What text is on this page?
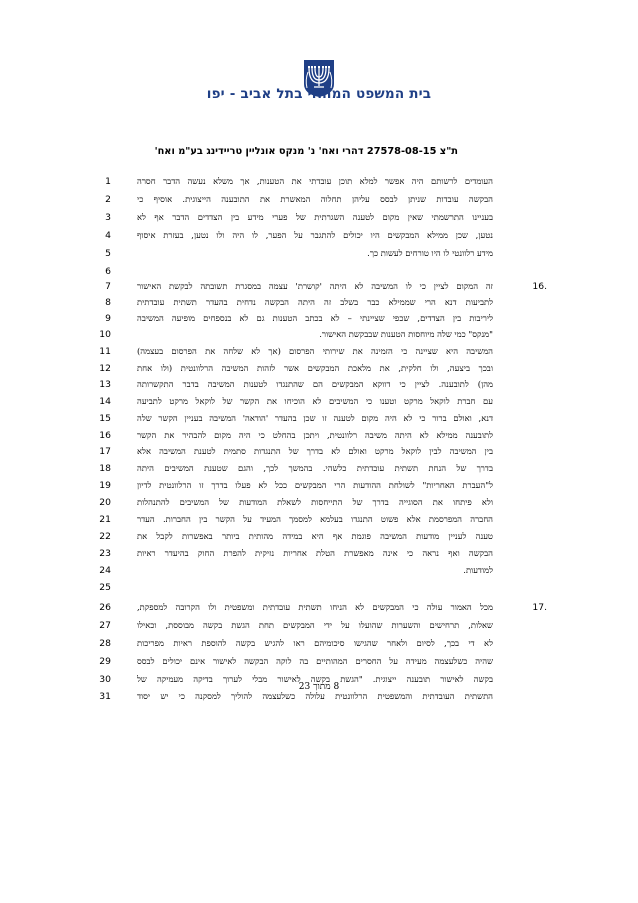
בית המשפט המחוזי בתל אביב - יפו
ת"צ 27578-08-15 דהרי ואח' נ' מנקס אונליין טריידינג בע"מ ואח'
1	העומדים לרשותם היה אפשר למלא תוכן עובדתי את הטענות, אך משלא נעשה הדבר חסרה
2	הבקשה עובדות שניתן לבסס עליהן תחלוה המאשרת את התובענה הייצוגית. אוסיף כי
3	בעניינו התרשמתי שאין מקום לטענה השגרתית של פערי מידע בין הצדדים הדבר אף לא
4	נטען, שכן ממילא המבקשים היו יכולים להתגבר על הפער, לו היה ולו נטען, בעזרת איסוף
5	מידע רלוונטי לו היו טורחים לעשות כך.
6
7	זה המקום לציין כי לו המשיבה לא היתה 'קושרת' עצמה במסגרת תשובתה לבקשת האישור	16.
8	לתביעות דנא הרי שממילא כבר בשלב זה היתה הבקשה נדחית בהעדר תשתית עובדתית
9	ליריבות בין הצדדים, שכפי שציינתי – לא בכתב הטענות גם לא בנספחים מופיעה המשיבה
10	"מנקס" כמי שלה מיוחסות הטענות שבבקשת האישור.
11	המשיבה היא שציינה כי הזמינה את שירותי הפרסום (אך לא שלחה את הפרסום בעצמה)
12	ובכך ביצעה, ולו חלקית, את מלאכת המבקשים אשר לזהות המשיבה הרלוונטית (ולו אחת
13	מהן) לתובענה. לציין כי דווקא המבקשים הם שהתנגדו לטענות המשיבה בדבר התקשרותה
14	עם חברת לוקאל מרקט וטענו כי המשיבים לא הוכיחו את הקשר של לוקאל מרקט לתביעה
15	דנא, ואולם ברור כי לא היה מקום לטענה זו שכן בהעדר 'הודאה' המשיבה בעניין הקשר שלה
16	לתובענה ממילא לא היתה משיבה רלוונטית, ויתכן בהחלט כי היה מקום להבהיר את הקשר
17	בין המשיבה לבין לוקאל מרקט ואולם לא בדרך של התנגדות סתמית לטענת המשיבה אלא
18	בדרך של הנחת תשתית עובדתית כלשהי. בהמשך לכך, והגם שטענת המשיבים היתה
19	ל"העברת האחריות" לשולחת ההודעות הרי המבקשים ככל לא פעלו בדרך זו הרלוונטית לדיון
20	ולא פיתחו את הסוגייה בדרך של התייחסות לשאלת המודעות של המשיבים להתנהלות
21	החברה המפרסמת אלא פשוט התנגדו בעלמא למסמך המעיד על הקשר בין החברות. העדר
22	טענה לעניין מודעות המשיבה פוגמת אף היא במידה מהותית ביותר באפשרות לקבל את
23	הבקשה ואף נראה כי אינה מאפשרת הטלת אחריות נזיקית להפרת החוק בהיעדר ראיות
24	למודעות.
25
26	מכל האמור עולה כי המבקשים לא הניחו תשתית עובדתית ומשפטית ולו הקרובה למספקת,	17.
27	שאלות, תרחישים והשערות שהועלו על ידי המבקשים תחת הגשת בקשה מבוססת, וכאילו
28	לא די בכך, לסיום ולאחר שהגישו סיכומיהם ראו להגיש בקשה להוספת ראיות מפריכות
29	שהיה כשלעצמה מעידה על החסרים המהותיים בה לוקה הבקשה לאישור אינם יכולים לבסס
30	בקשה לאישור תובענה ייצוגית. "הגשת בקשה לאישור מבלי לערוך בדיקה מעמיקה של
31	התשתית העובדתית והמשפטית הרלוונטית עלולה כשלעצמה להוליך למסקנה כי יש יסוד
8 מתוך 23
